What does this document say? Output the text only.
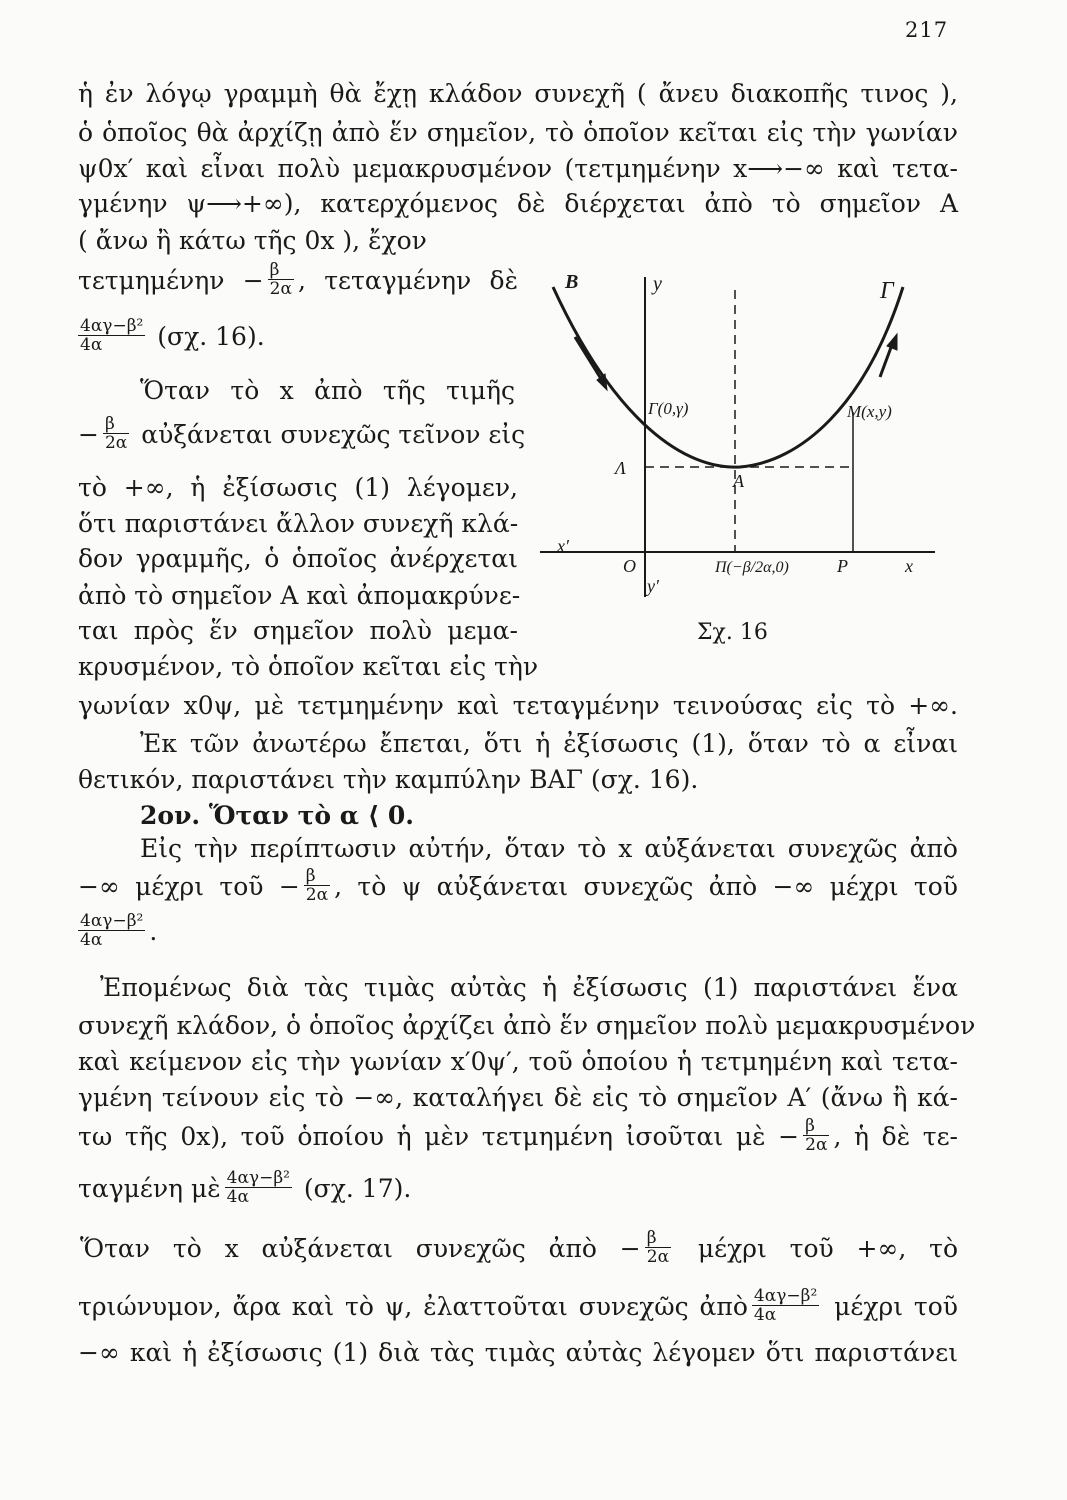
217
ἡ ἐν λόγῳ γραμμὴ θὰ ἔχῃ κλάδον συνεχῆ ( ἄνευ διακοπῆς τινος ),
ὁ ὁποῖος θὰ ἀρχίζῃ ἀπὸ ἕν σημεῖον, τὸ ὁποῖον κεῖται εἰς τὴν γωνίαν
ψ0x′ καὶ εἶναι πολὺ μεμακρυσμένον (τετμημένην x⟶−∞ καὶ τετα-
γμένην ψ⟶+∞), κατερχόμενος δὲ διέρχεται ἀπὸ τὸ σημεῖον A
( ἄνω ἢ κάτω τῆς 0x ), ἔχον
$\tau\varepsilon\tau\mu\eta\mu έ\nu\eta\nu - \frac{\beta}{2\alpha}$ , τεταγμένην δὲ
$\frac{\text{4αγ−β²}}{4\alpha} (\sigma\chi$. 16).
Ὅταν τὸ x ἀπὸ τῆς τιμῆς
− $\frac{\beta}{2\alpha}$ αὐξάνεται συνεχῶς τεῖνον εἰς
τὸ +∞, ἡ ἐξίσωσις (1) λέγομεν,
ὅτι παριστάνει ἄλλον συνεχῆ κλά-
δον γραμμῆς, ὁ ὁποῖος ἀνέρχεται
ἀπὸ τὸ σημεῖον A καὶ ἀπομακρύνε-
ται πρὸς ἕν σημεῖον πολὺ μεμα-
κρυσμένον, τὸ ὁποῖον κεῖται εἰς τὴν
B	y	Γ
Γ(0,γ)	M(x,y)
Λ
A
x′
O	Π(−β/2α,0)	P	x
y′
Σχ. 16
γωνίαν x0ψ, μὲ τετμημένην καὶ τεταγμένην τεινούσας εἰς τὸ +∞.
Ἐκ τῶν ἀνωτέρω ἔπεται, ὅτι ἡ ἐξίσωσις (1), ὅταν τὸ α εἶναι
θετικόν, παριστάνει τὴν καμπύλην ΒΑΓ (σχ. 16).
2ον. Ὅταν τὸ α ⟨ 0.
Εἰς τὴν περίπτωσιν αὐτήν, ὅταν τὸ x αὐξάνεται συνεχῶς ἀπὸ
−∞ μέχρι τοῦ − $\frac{\beta}{2\alpha}$ , τὸ ψ αὐξάνεται συνεχῶς ἀπὸ −∞ μέχρι τοῦ
$\frac{\text{4αγ−β²}}{4\alpha}$ .
Ἐπομένως διὰ τὰς τιμὰς αὐτὰς ἡ ἐξίσωσις (1) παριστάνει ἕνα
συνεχῆ κλάδον, ὁ ὁποῖος ἀρχίζει ἀπὸ ἕν σημεῖον πολὺ μεμακρυσμένον
καὶ κείμενον εἰς τὴν γωνίαν x′0ψ′, τοῦ ὁποίου ἡ τετμημένη καὶ τετα-
γμένη τείνουν εἰς τὸ −∞, καταλήγει δὲ εἰς τὸ σημεῖον A′ (ἄνω ἢ κά-
τω τῆς 0x), τοῦ ὁποίου ἡ μὲν τετμημένη ἰσοῦται μὲ − $\frac{\beta}{2\alpha}$ , ἡ δὲ τε-
ταγμένη μὲ $\frac{\text{4αγ−β²}}{4\alpha} (\sigma\chi$. 17).
Ὅταν τὸ x αὐξάνεται συνεχῶς ἀπὸ − $\frac{\beta}{2\alpha}$ μέχρι τοῦ +∞, τὸ
τριώνυμον, ἄρα καὶ τὸ ψ, ἐλαττοῦται συνεχῶς ἀπὸ $\frac{\text{4αγ−β²}}{4\alpha}$ μέχρι τοῦ
−∞ καὶ ἡ ἐξίσωσις (1) διὰ τὰς τιμὰς αὐτὰς λέγομεν ὅτι παριστάνει
